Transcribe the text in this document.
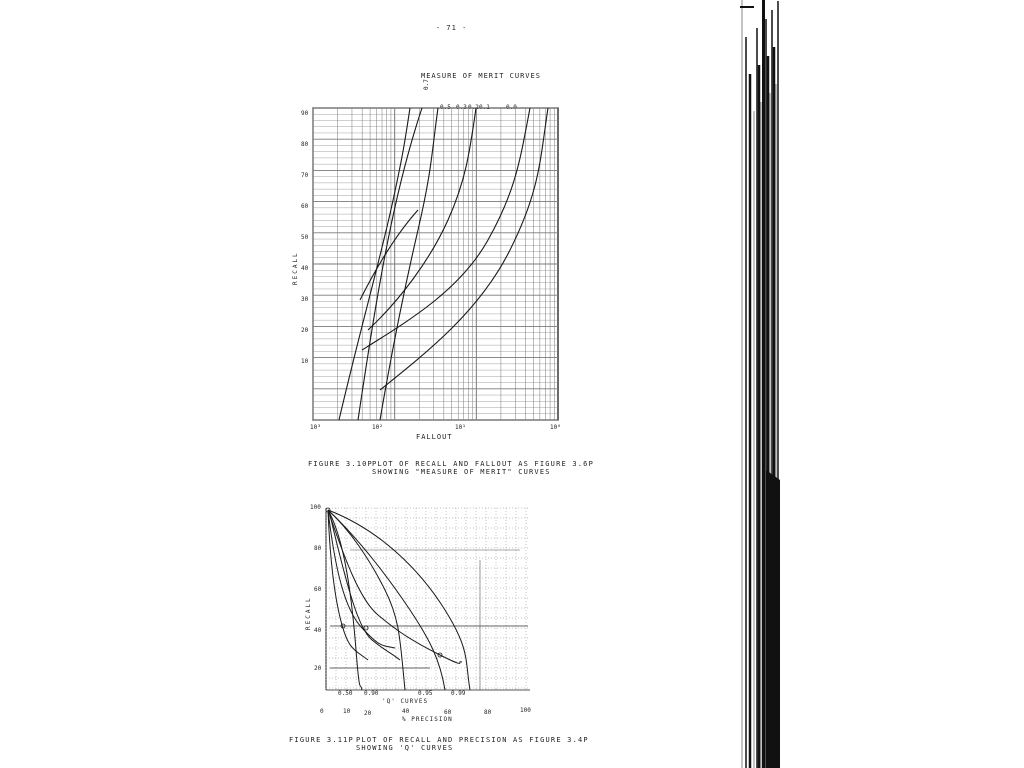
- 71 -
MEASURE OF MERIT CURVES
0.7
0.5 0.3 0.2 0.1	0.0
90
80
70
60
50
40
30
20
10
RECALL
10³	10²	10¹	10⁰
FALLOUT
FIGURE 3.10P PLOT OF RECALL AND FALLOUT AS FIGURE 3.6P
SHOWING "MEASURE OF MERIT" CURVES
100
80
60
40
20
RECALL
0.50 0.90	0.95	0.99
'Q' CURVES
0	10 20	40	60	80	100
% PRECISION
FIGURE 3.11P PLOT OF RECALL AND PRECISION AS FIGURE 3.4P
SHOWING 'Q' CURVES
